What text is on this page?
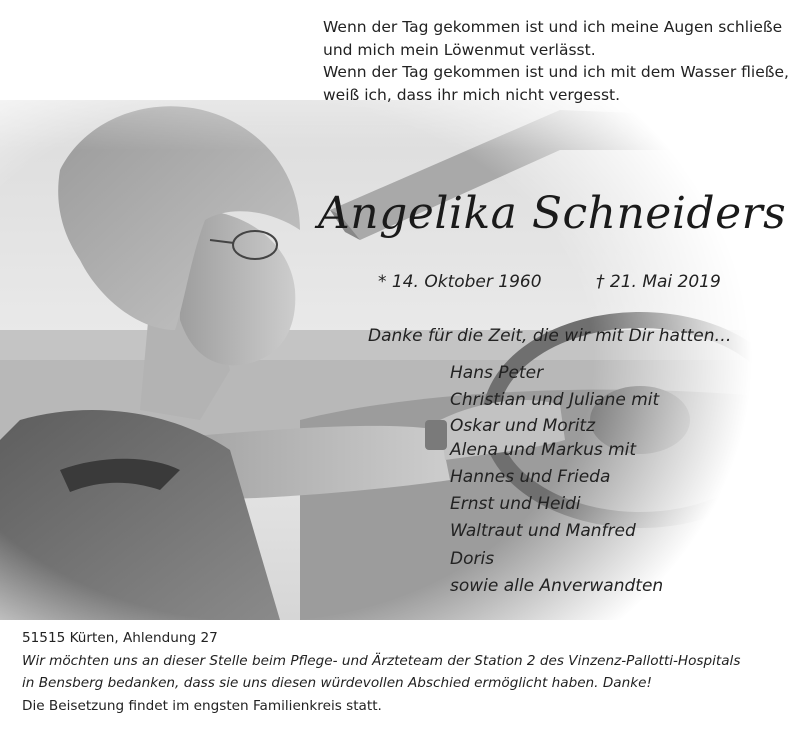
Wenn der Tag gekommen ist und ich meine Augen schließe
und mich mein Löwenmut verlässt.
Wenn der Tag gekommen ist und ich mit dem Wasser fließe,
weiß ich, dass ihr mich nicht vergesst.
Angelika Schneiders
* 14. Oktober 1960	† 21. Mai 2019
Danke für die Zeit, die wir mit Dir hatten…
Hans Peter
Christian und Juliane mit
Oskar und Moritz
Alena und Markus mit
Hannes und Frieda
Ernst und Heidi
Waltraut und Manfred
Doris
sowie alle Anverwandten
51515 Kürten, Ahlendung 27
Wir möchten uns an dieser Stelle beim Pflege- und Ärzteteam der Station 2 des Vinzenz-Pallotti-Hospitals
in Bensberg bedanken, dass sie uns diesen würdevollen Abschied ermöglicht haben. Danke!
Die Beisetzung findet im engsten Familienkreis statt.
